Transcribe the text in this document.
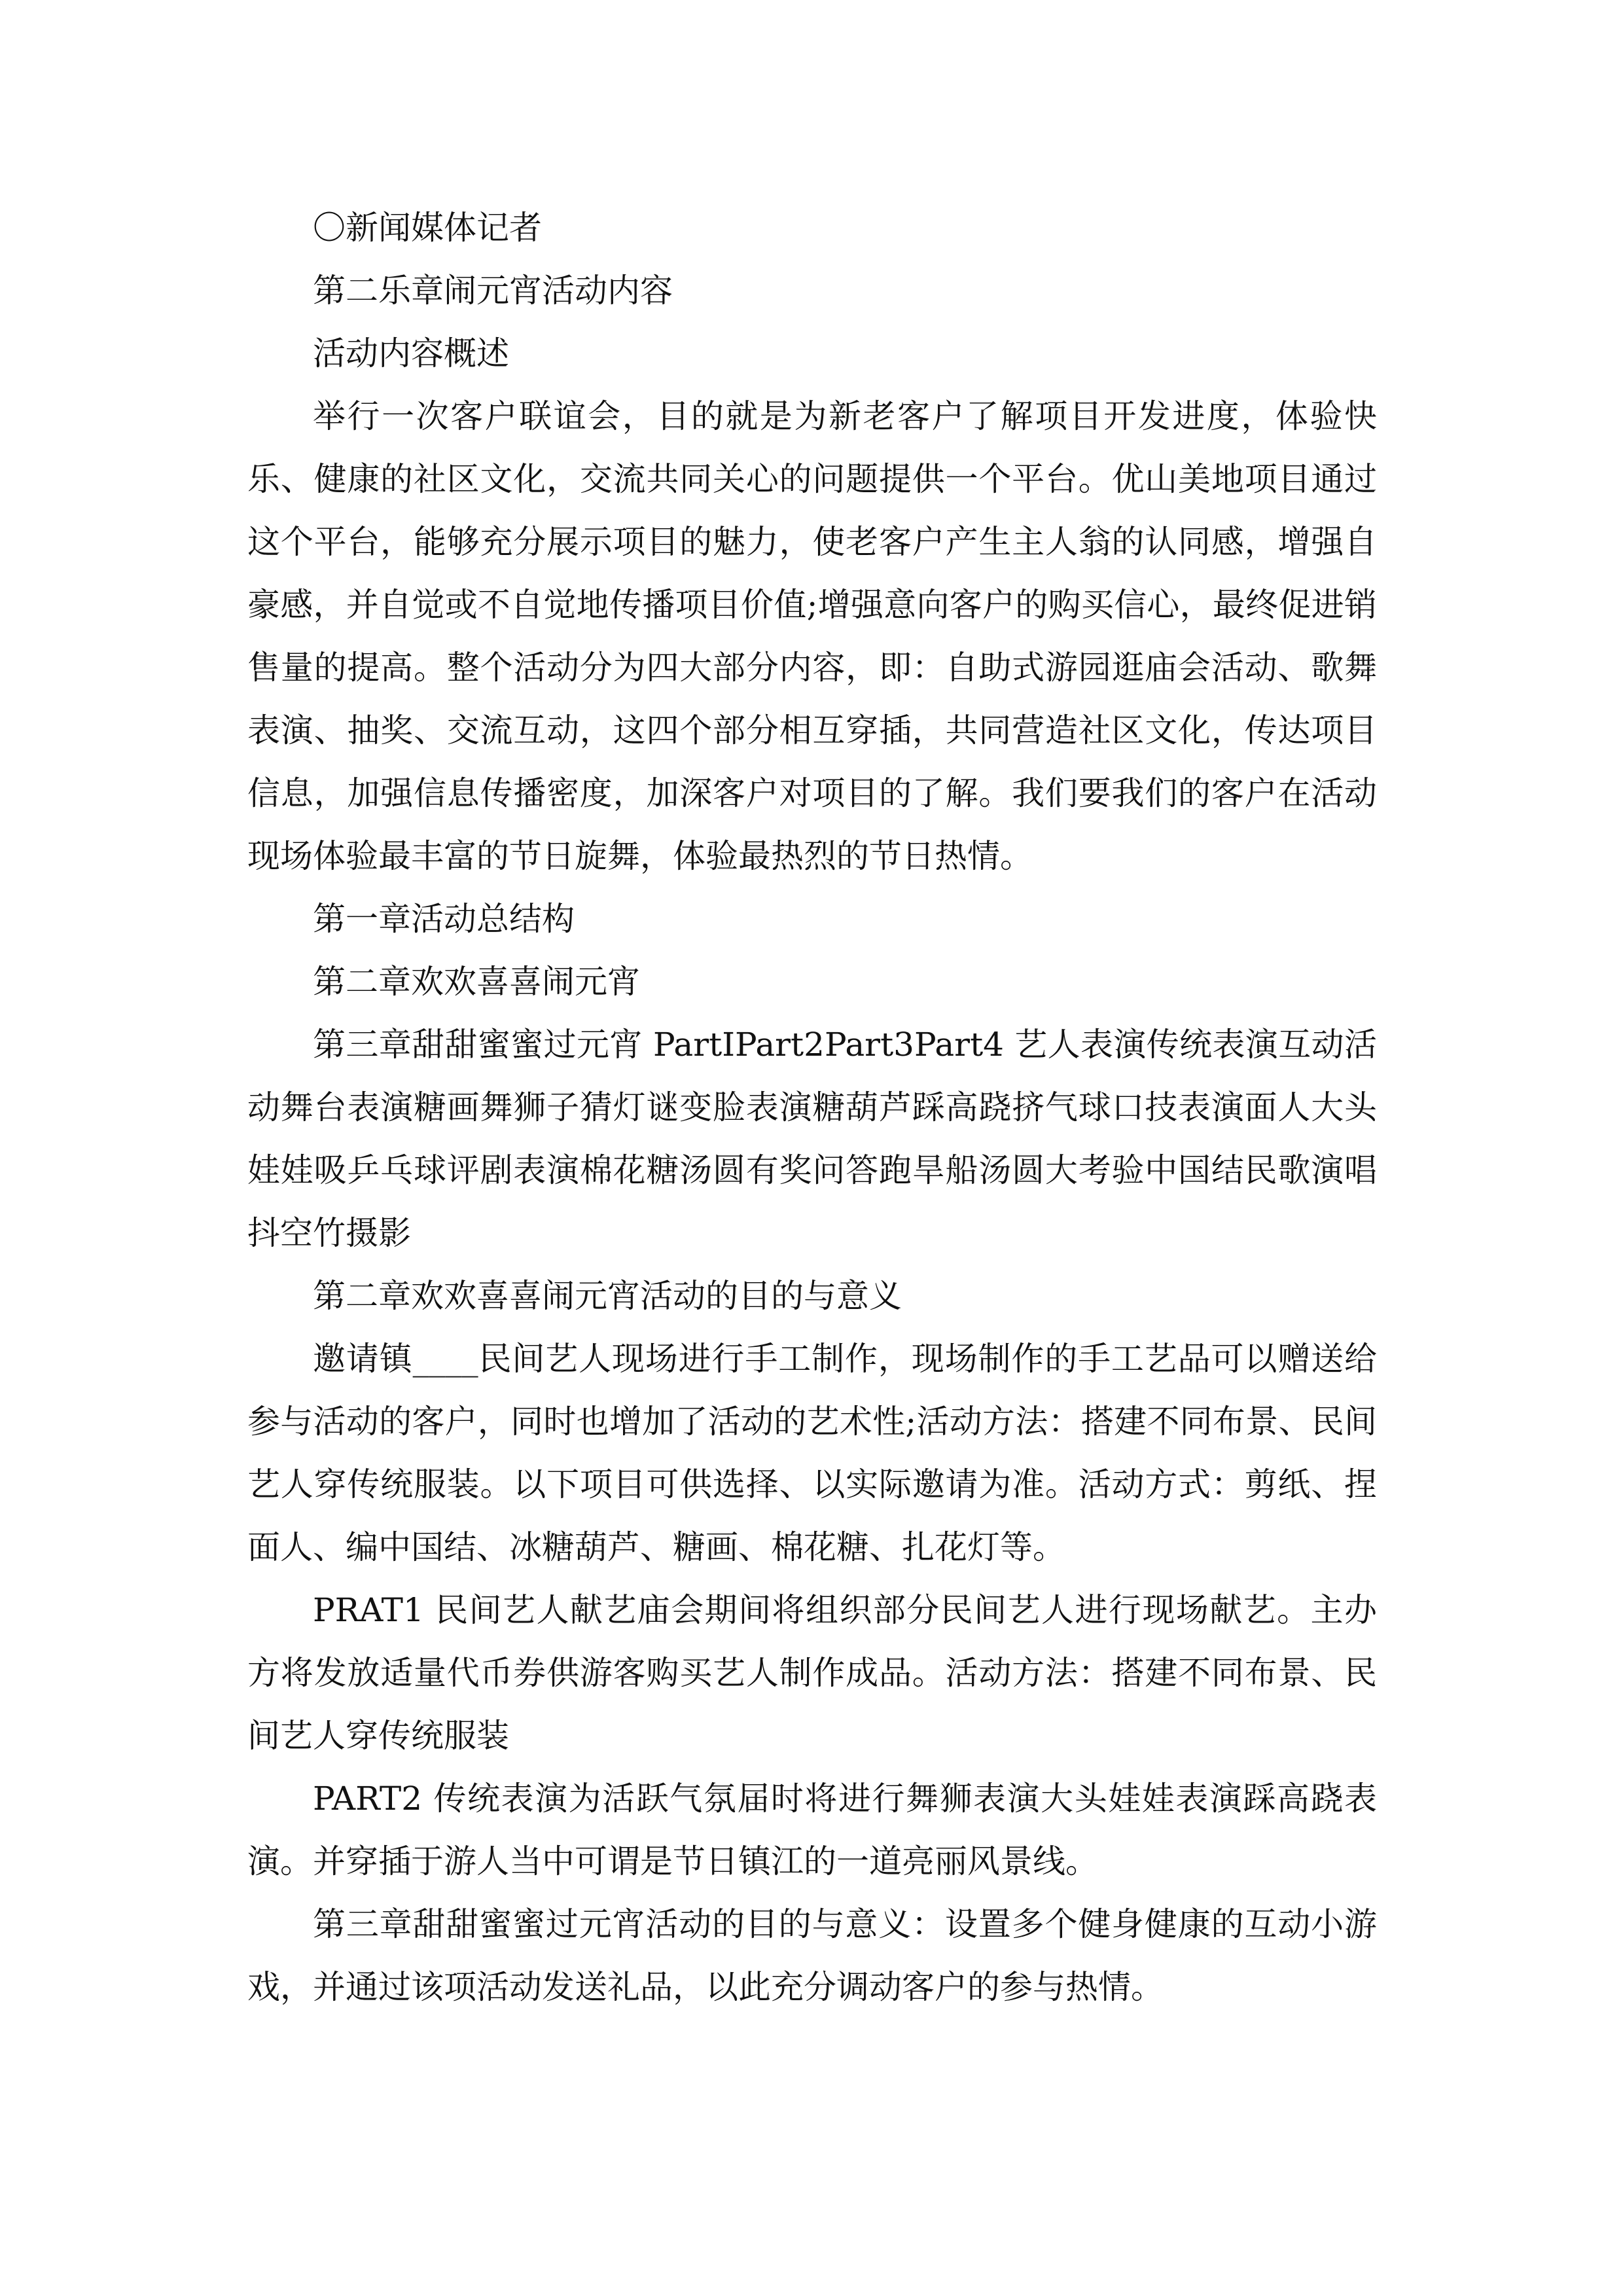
〇新闻媒体记者

第二乐章闹元宵活动内容

活动内容概述

举行一次客户联谊会，目的就是为新老客户了解项目开发进度，体验快乐、健康的社区文化，交流共同关心的问题提供一个平台。优山美地项目通过这个平台，能够充分展示项目的魅力，使老客户产生主人翁的认同感，增强自豪感，并自觉或不自觉地传播项目价值;增强意向客户的购买信心，最终促进销售量的提高。整个活动分为四大部分内容，即：自助式游园逛庙会活动、歌舞表演、抽奖、交流互动，这四个部分相互穿插，共同营造社区文化，传达项目信息，加强信息传播密度，加深客户对项目的了解。我们要我们的客户在活动现场体验最丰富的节日旋舞，体验最热烈的节日热情。

第一章活动总结构

第二章欢欢喜喜闹元宵

第三章甜甜蜜蜜过元宵 PartIPart2Part3Part4 艺人表演传统表演互动活动舞台表演糖画舞狮子猜灯谜变脸表演糖葫芦踩高跷挤气球口技表演面人大头娃娃吸乒乓球评剧表演棉花糖汤圆有奖问答跑旱船汤圆大考验中国结民歌演唱抖空竹摄影

第二章欢欢喜喜闹元宵活动的目的与意义

邀请镇____民间艺人现场进行手工制作，现场制作的手工艺品可以赠送给参与活动的客户，同时也增加了活动的艺术性;活动方法：搭建不同布景、民间艺人穿传统服装。以下项目可供选择、以实际邀请为准。活动方式：剪纸、捏面人、编中国结、冰糖葫芦、糖画、棉花糖、扎花灯等。

PRAT1 民间艺人献艺庙会期间将组织部分民间艺人进行现场献艺。主办方将发放适量代币券供游客购买艺人制作成品。活动方法：搭建不同布景、民间艺人穿传统服装

PART2 传统表演为活跃气氛届时将进行舞狮表演大头娃娃表演踩高跷表演。并穿插于游人当中可谓是节日镇江的一道亮丽风景线。

第三章甜甜蜜蜜过元宵活动的目的与意义：设置多个健身健康的互动小游戏，并通过该项活动发送礼品，以此充分调动客户的参与热情。
